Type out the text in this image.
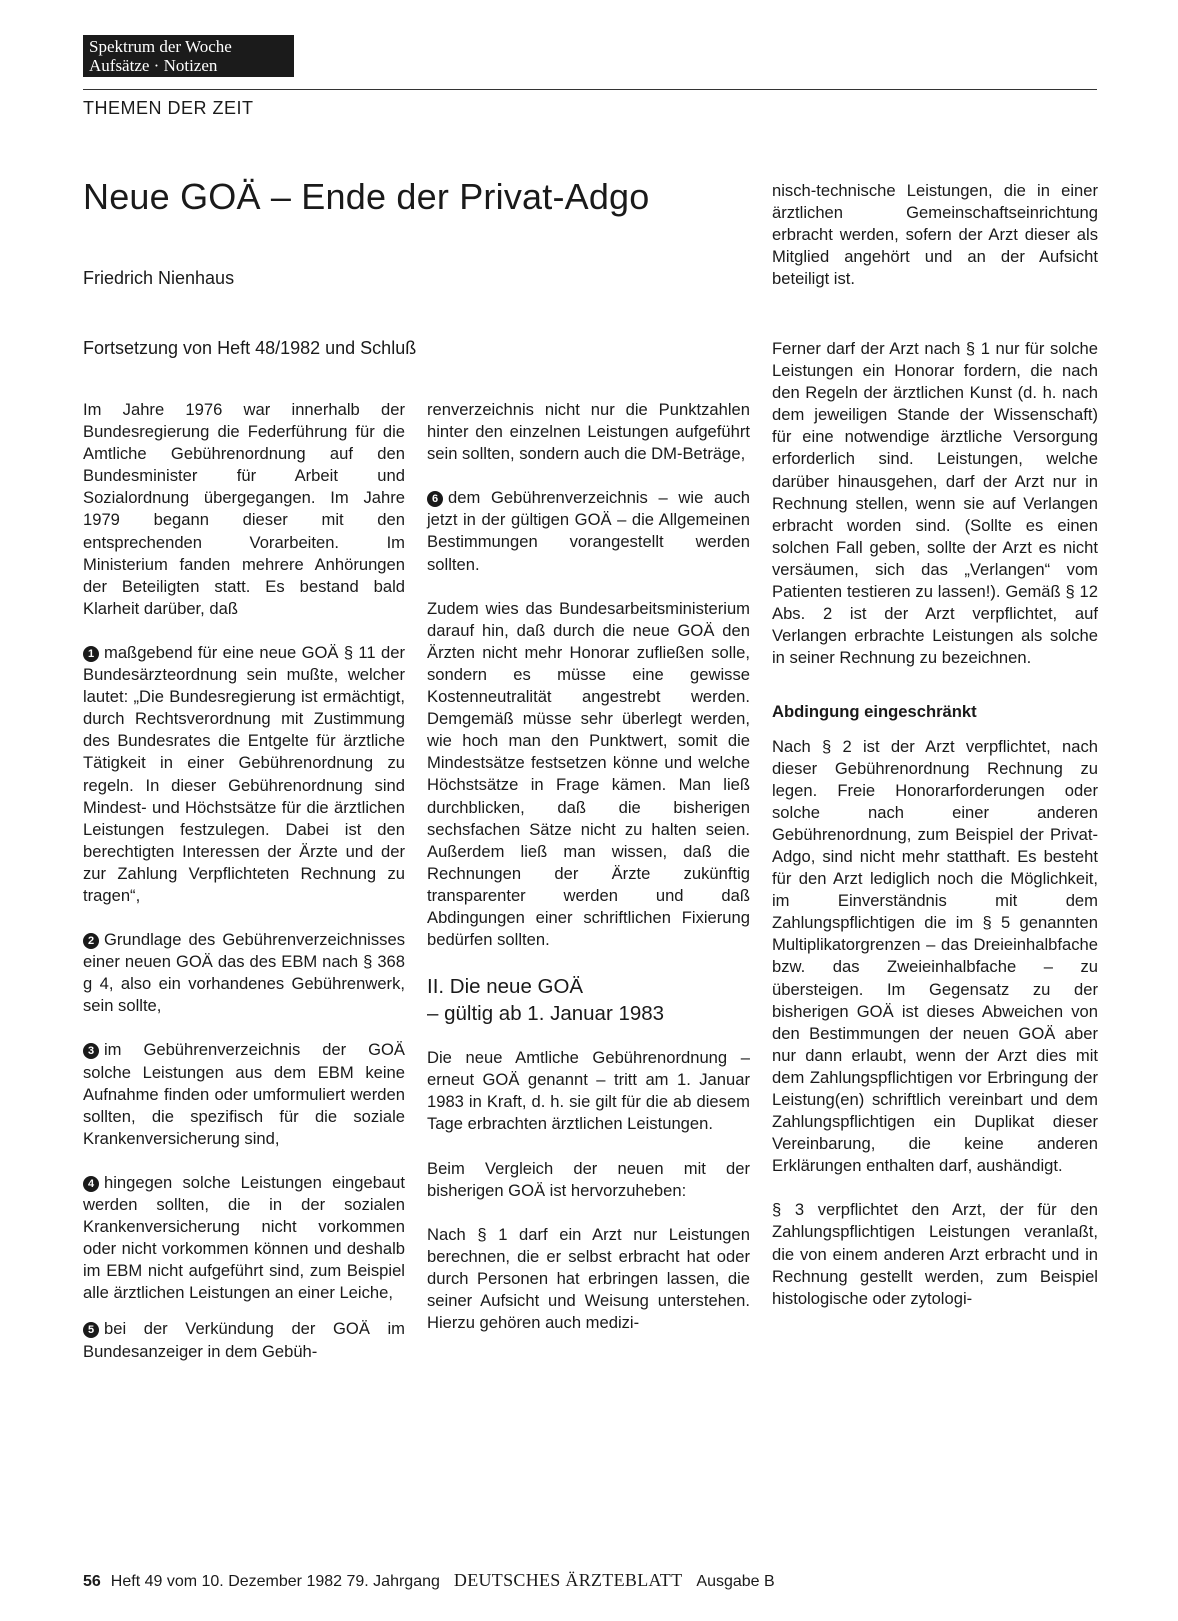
Spektrum der Woche
Aufsätze · Notizen
THEMEN DER ZEIT
Neue GOÄ – Ende der Privat-Adgo
Friedrich Nienhaus
Fortsetzung von Heft 48/1982 und Schluß

Im Jahre 1976 war innerhalb der Bundesregierung die Federführung für die Amtliche Gebührenordnung auf den Bundesminister für Arbeit und Sozialordnung übergegangen. Im Jahre 1979 begann dieser mit den entsprechenden Vorarbeiten. Im Ministerium fanden mehrere Anhörungen der Beteiligten statt. Es bestand bald Klarheit darüber, daß

1 maßgebend für eine neue GOÄ § 11 der Bundesärzteordnung sein mußte, welcher lautet: „Die Bundesregierung ist ermächtigt, durch Rechtsverordnung mit Zustimmung des Bundesrates die Entgelte für ärztliche Tätigkeit in einer Gebührenordnung zu regeln. In dieser Gebührenordnung sind Mindest- und Höchstsätze für die ärztlichen Leistungen festzulegen. Dabei ist den berechtigten Interessen der Ärzte und der zur Zahlung Verpflichteten Rechnung zu tragen“,

2 Grundlage des Gebührenverzeichnisses einer neuen GOÄ das des EBM nach § 368 g 4, also ein vorhandenes Gebührenwerk, sein sollte,

3 im Gebührenverzeichnis der GOÄ solche Leistungen aus dem EBM keine Aufnahme finden oder umformuliert werden sollten, die spezifisch für die soziale Krankenversicherung sind,

4 hingegen solche Leistungen eingebaut werden sollten, die in der sozialen Krankenversicherung nicht vorkommen oder nicht vorkommen können und deshalb im EBM nicht aufgeführt sind, zum Beispiel alle ärztlichen Leistungen an einer Leiche,

5 bei der Verkündung der GOÄ im Bundesanzeiger in dem Gebüh-

renverzeichnis nicht nur die Punktzahlen hinter den einzelnen Leistungen aufgeführt sein sollten, sondern auch die DM-Beträge,

6 dem Gebührenverzeichnis – wie auch jetzt in der gültigen GOÄ – die Allgemeinen Bestimmungen vorangestellt werden sollten.

Zudem wies das Bundesarbeitsministerium darauf hin, daß durch die neue GOÄ den Ärzten nicht mehr Honorar zufließen solle, sondern es müsse eine gewisse Kostenneutralität angestrebt werden. Demgemäß müsse sehr überlegt werden, wie hoch man den Punktwert, somit die Mindestsätze festsetzen könne und welche Höchstsätze in Frage kämen. Man ließ durchblicken, daß die bisherigen sechsfachen Sätze nicht zu halten seien. Außerdem ließ man wissen, daß die Rechnungen der Ärzte zukünftig transparenter werden und daß Abdingungen einer schriftlichen Fixierung bedürfen sollten.

II. Die neue GOÄ
– gültig ab 1. Januar 1983

Die neue Amtliche Gebührenordnung – erneut GOÄ genannt – tritt am 1. Januar 1983 in Kraft, d. h. sie gilt für die ab diesem Tage erbrachten ärztlichen Leistungen.

Beim Vergleich der neuen mit der bisherigen GOÄ ist hervorzuheben:

Nach § 1 darf ein Arzt nur Leistungen berechnen, die er selbst erbracht hat oder durch Personen hat erbringen lassen, die seiner Aufsicht und Weisung unterstehen. Hierzu gehören auch medizi-

nisch-technische Leistungen, die in einer ärztlichen Gemeinschaftseinrichtung erbracht werden, sofern der Arzt dieser als Mitglied angehört und an der Aufsicht beteiligt ist.

Ferner darf der Arzt nach § 1 nur für solche Leistungen ein Honorar fordern, die nach den Regeln der ärztlichen Kunst (d. h. nach dem jeweiligen Stande der Wissenschaft) für eine notwendige ärztliche Versorgung erforderlich sind. Leistungen, welche darüber hinausgehen, darf der Arzt nur in Rechnung stellen, wenn sie auf Verlangen erbracht worden sind. (Sollte es einen solchen Fall geben, sollte der Arzt es nicht versäumen, sich das „Verlangen“ vom Patienten testieren zu lassen!). Gemäß § 12 Abs. 2 ist der Arzt verpflichtet, auf Verlangen erbrachte Leistungen als solche in seiner Rechnung zu bezeichnen.

Abdingung eingeschränkt

Nach § 2 ist der Arzt verpflichtet, nach dieser Gebührenordnung Rechnung zu legen. Freie Honorarforderungen oder solche nach einer anderen Gebührenordnung, zum Beispiel der Privat-Adgo, sind nicht mehr statthaft. Es besteht für den Arzt lediglich noch die Möglichkeit, im Einverständnis mit dem Zahlungspflichtigen die im § 5 genannten Multiplikatorgrenzen – das Dreieinhalbfache bzw. das Zweieinhalbfache – zu übersteigen. Im Gegensatz zu der bisherigen GOÄ ist dieses Abweichen von den Bestimmungen der neuen GOÄ aber nur dann erlaubt, wenn der Arzt dies mit dem Zahlungspflichtigen vor Erbringung der Leistung(en) schriftlich vereinbart und dem Zahlungspflichtigen ein Duplikat dieser Vereinbarung, die keine anderen Erklärungen enthalten darf, aushändigt.

§ 3 verpflichtet den Arzt, der für den Zahlungspflichtigen Leistungen veranlaßt, die von einem anderen Arzt erbracht und in Rechnung gestellt werden, zum Beispiel histologische oder zytologi-

56 Heft 49 vom 10. Dezember 1982 79. Jahrgang DEUTSCHES ÄRZTEBLATT Ausgabe B
